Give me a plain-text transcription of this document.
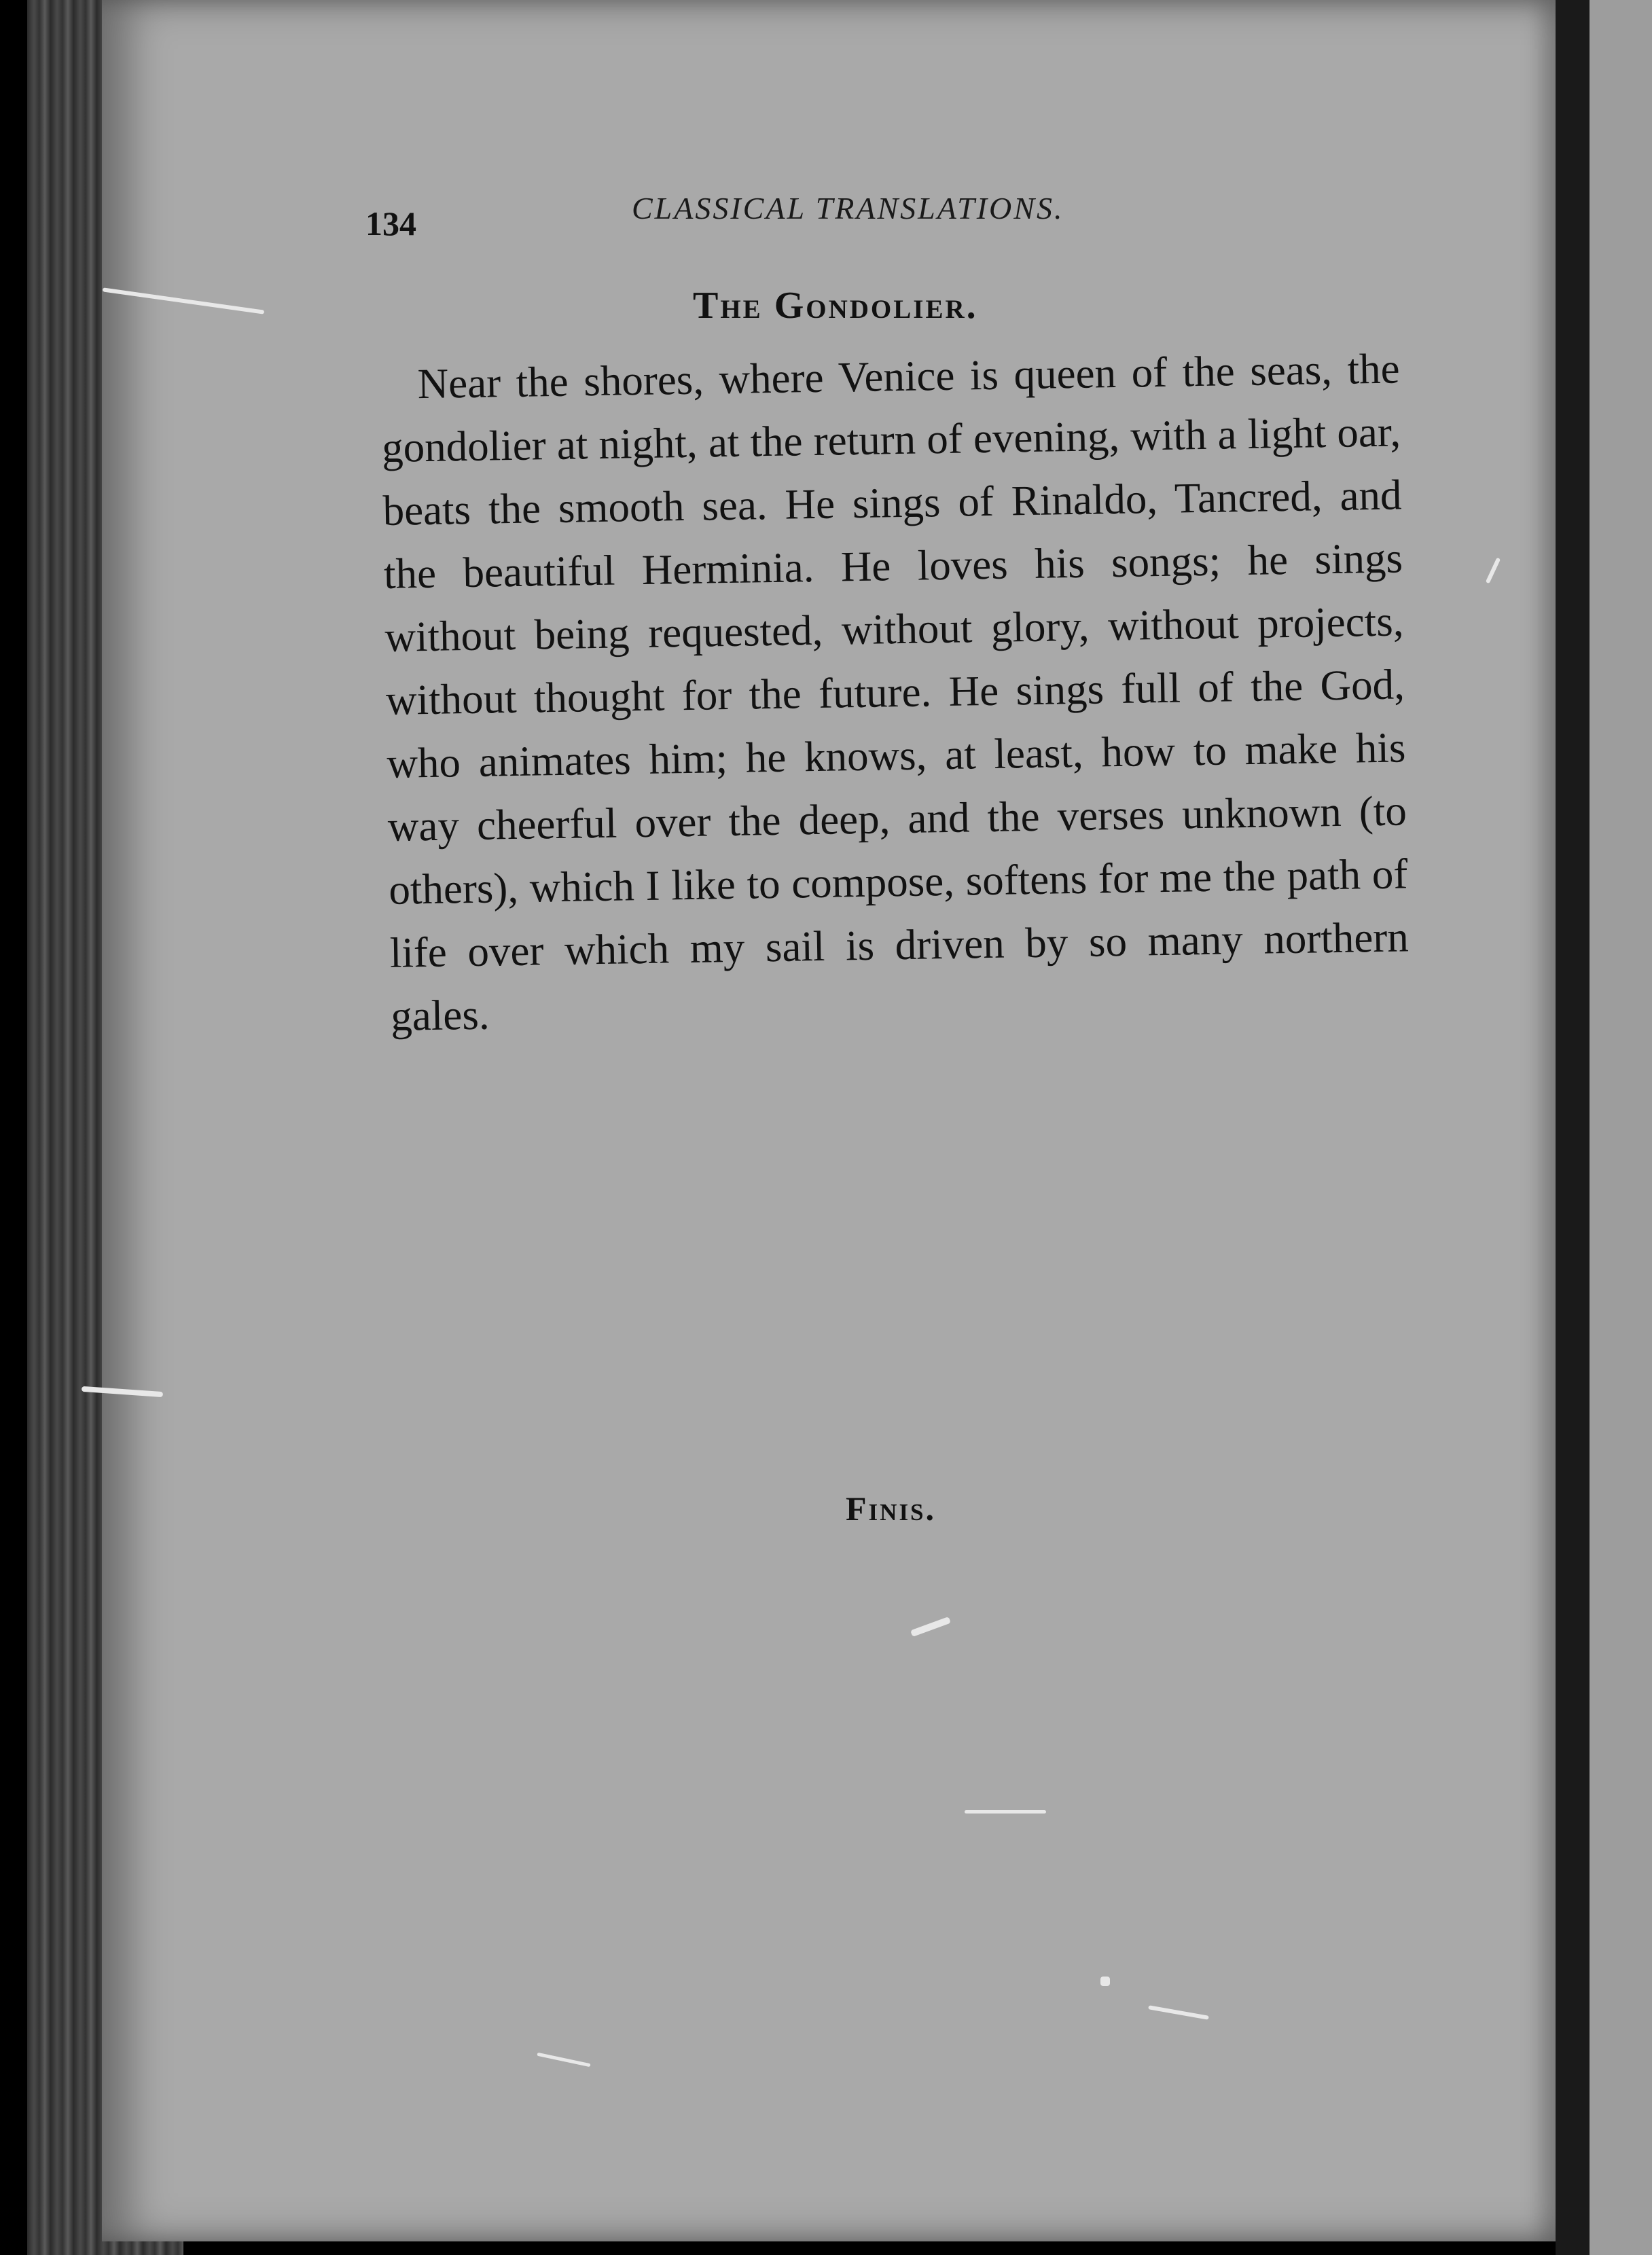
134	CLASSICAL TRANSLATIONS.
The Gondolier.
Near the shores, where Venice is queen of the seas, the gondolier at night, at the return of evening, with a light oar, beats the smooth sea. He sings of Rinaldo, Tancred, and the beautiful Herminia. He loves his songs; he sings without being requested, without glory, without projects, without thought for the future. He sings full of the God, who animates him; he knows, at least, how to make his way cheerful over the deep, and the verses unknown (to others), which I like to compose, softens for me the path of life over which my sail is driven by so many northern gales.
Finis.
